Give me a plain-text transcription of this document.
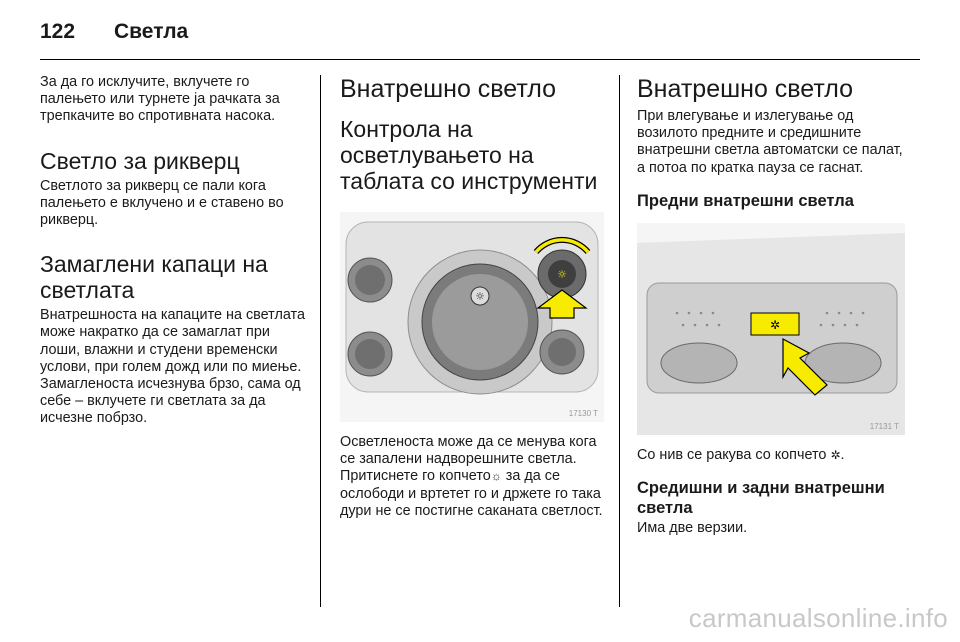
122	Светла

За да го исклучите, вклучете го палењето или турнете ја рачката за трепкачите во спротивната насока.

Светло за рикверц

Светлото за рикверц се пали кога палењето е вклучено и е ставено во рикверц.

Замаглени капаци на светлата

Внатрешноста на капаците на светлата може накратко да се замаглат при лоши, влажни и студени временски услови, при голем дожд или по миење. Замагленоста исчезнува брзо, сама од себе – вклучете ги светлата за да исчезне побрзо.

Внатрешно светло
Контрола на осветлувањето на таблата со инструменти
☼
☼
17130 T

Осветленоста може да се менува кога се запалени надворешните светла. Притиснете го копчето☼ за да се ослободи и вртетет го и држете го така дури не се постигне саканата светлост.

Внатрешно светло

При влегување и излегување од возилото предните и средишните внатрешни светла автоматски се палат, а потоа по кратка пауза се гаснат.

Предни внатрешни светла
✲
17131 T

Со нив се ракува со копчето ✲.

Средишни и задни внатрешни светла

Има две верзии.

carmanualsonline.info
